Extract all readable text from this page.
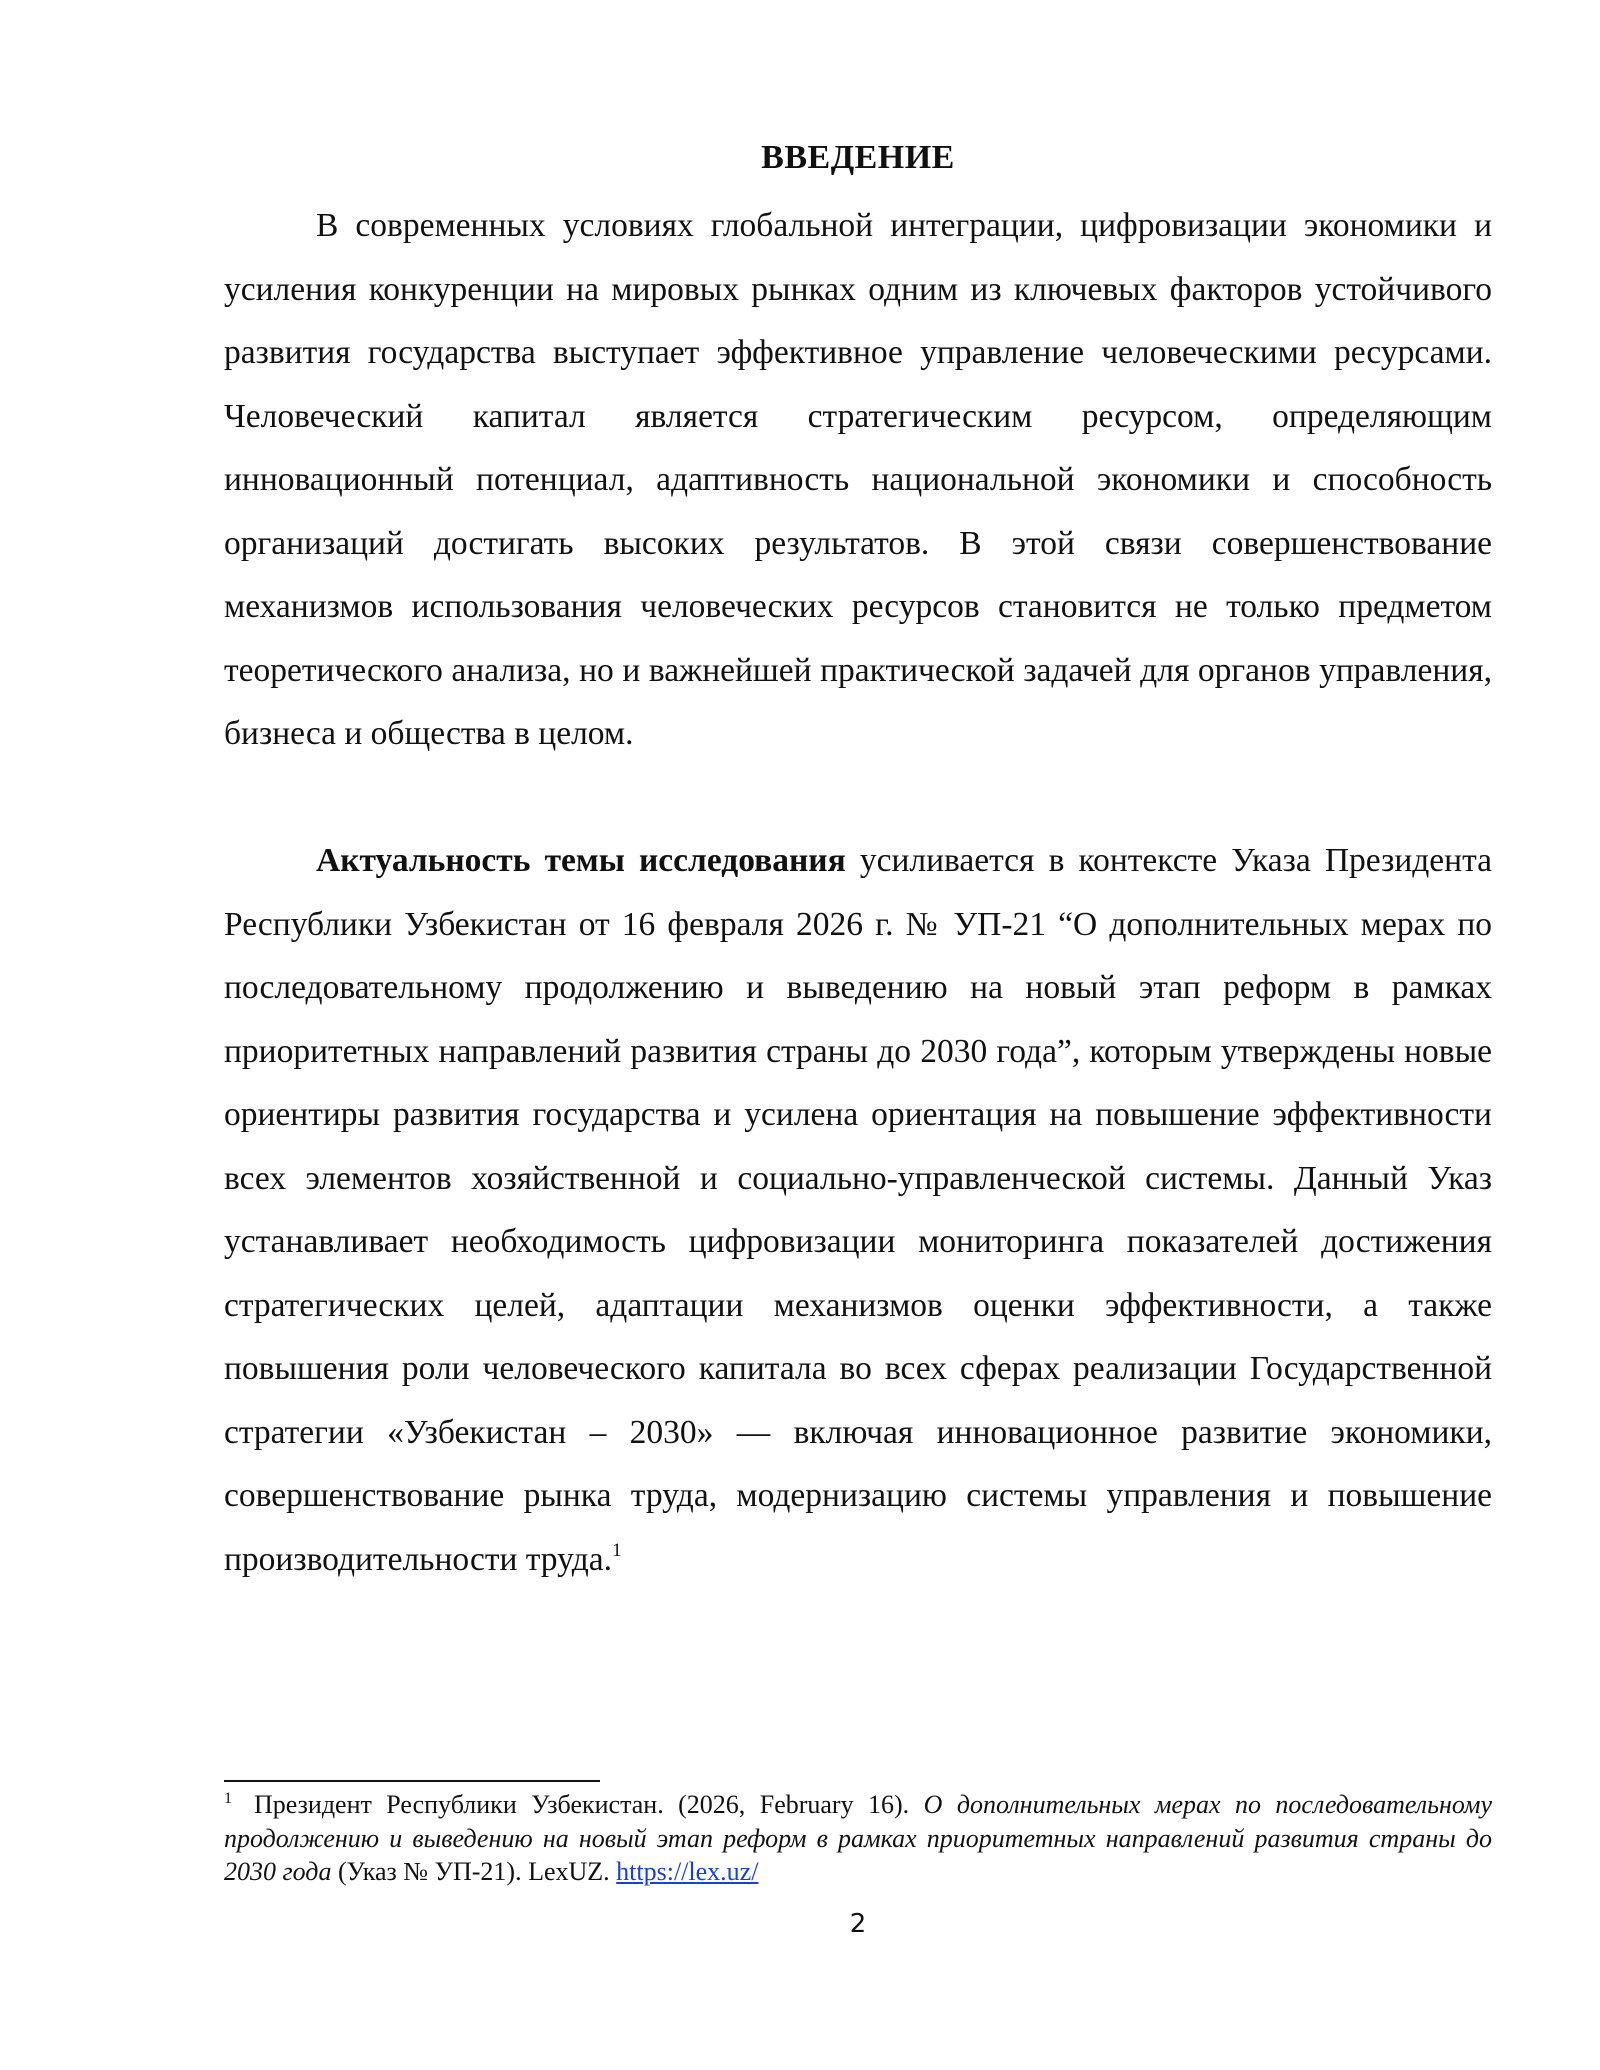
ВВЕДЕНИЕ

В современных условиях глобальной интеграции, цифровизации экономики и усиления конкуренции на мировых рынках одним из ключевых факторов устойчивого развития государства выступает эффективное управление человеческими ресурсами. Человеческий капитал является стратегическим ресурсом, определяющим инновационный потенциал, адаптивность национальной экономики и способность организаций достигать высоких результатов. В этой связи совершенствование механизмов использования человеческих ресурсов становится не только предметом теоретического анализа, но и важнейшей практической задачей для органов управления, бизнеса и общества в целом.

Актуальность темы исследования усиливается в контексте Указа Президента Республики Узбекистан от 16 февраля 2026 г. № УП-21 “О дополнительных мерах по последовательному продолжению и выведению на новый этап реформ в рамках приоритетных направлений развития страны до 2030 года”, которым утверждены новые ориентиры развития государства и усилена ориентация на повышение эффективности всех элементов хозяйственной и социально-управленческой системы. Данный Указ устанавливает необходимость цифровизации мониторинга показателей достижения стратегических целей, адаптации механизмов оценки эффективности, а также повышения роли человеческого капитала во всех сферах реализации Государственной стратегии «Узбекистан – 2030» — включая инновационное развитие экономики, совершенствование рынка труда, модернизацию системы управления и повышение производительности труда.$^1$

$^1$ Президент Республики Узбекистан. (2026, February 16). О дополнительных мерах по последовательному продолжению и выведению на новый этап реформ в рамках приоритетных направлений развития страны до 2030 года (Указ № УП-21). LexUZ. https://lex.uz/

2
